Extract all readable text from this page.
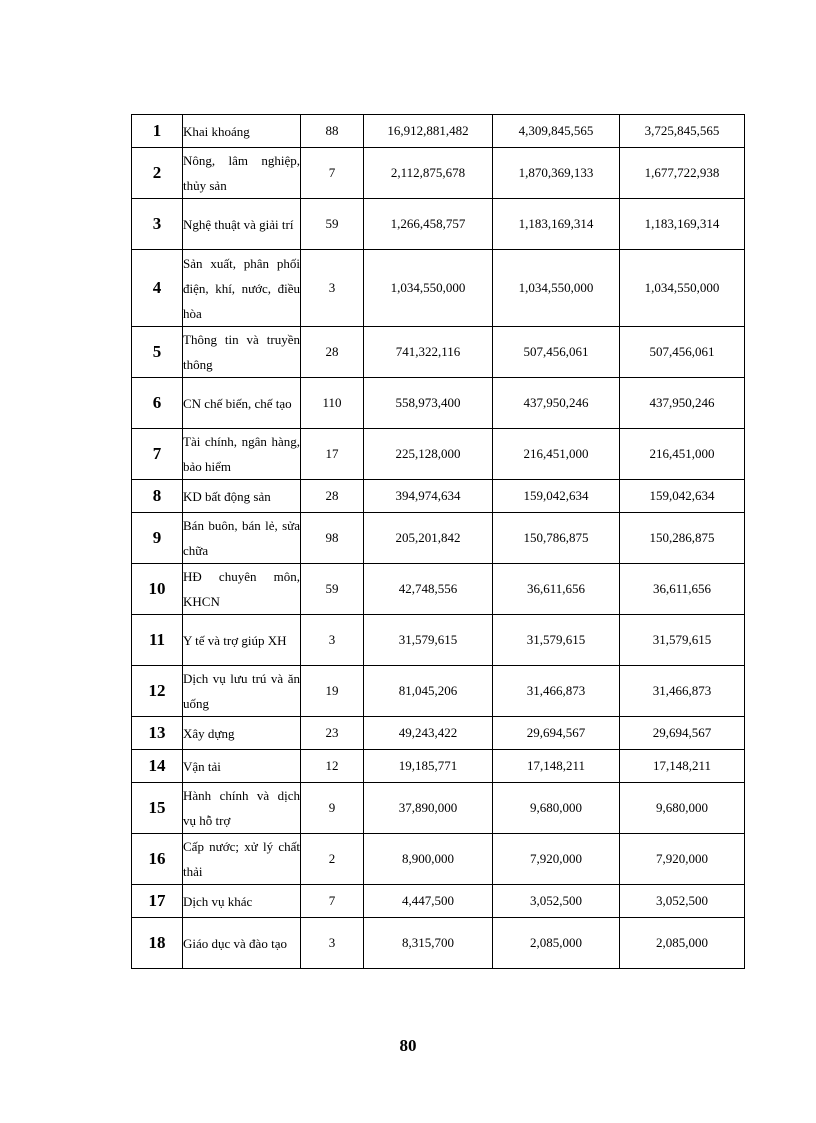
1	Khai khoáng	88	16,912,881,482	4,309,845,565	3,725,845,565
2	Nông, lâm nghiệp, thủy sản	7	2,112,875,678	1,870,369,133	1,677,722,938
3	Nghệ thuật và giải trí	59	1,266,458,757	1,183,169,314	1,183,169,314
4	Sản xuất, phân phối điện, khí, nước, điều hòa	3	1,034,550,000	1,034,550,000	1,034,550,000
5	Thông tin và truyền thông	28	741,322,116	507,456,061	507,456,061
6	CN chế biến, chế tạo	110	558,973,400	437,950,246	437,950,246
7	Tài chính, ngân hàng, bảo hiểm	17	225,128,000	216,451,000	216,451,000
8	KD bất động sản	28	394,974,634	159,042,634	159,042,634
9	Bán buôn, bán lẻ, sửa chữa	98	205,201,842	150,786,875	150,286,875
10	HĐ chuyên môn, KHCN	59	42,748,556	36,611,656	36,611,656
11	Y tế và trợ giúp XH	3	31,579,615	31,579,615	31,579,615
12	Dịch vụ lưu trú và ăn uống	19	81,045,206	31,466,873	31,466,873
13	Xây dựng	23	49,243,422	29,694,567	29,694,567
14	Vận tải	12	19,185,771	17,148,211	17,148,211
15	Hành chính và dịch vụ hỗ trợ	9	37,890,000	9,680,000	9,680,000
16	Cấp nước; xử lý chất thải	2	8,900,000	7,920,000	7,920,000
17	Dịch vụ khác	7	4,447,500	3,052,500	3,052,500
18	Giáo dục và đào tạo	3	8,315,700	2,085,000	2,085,000
80
